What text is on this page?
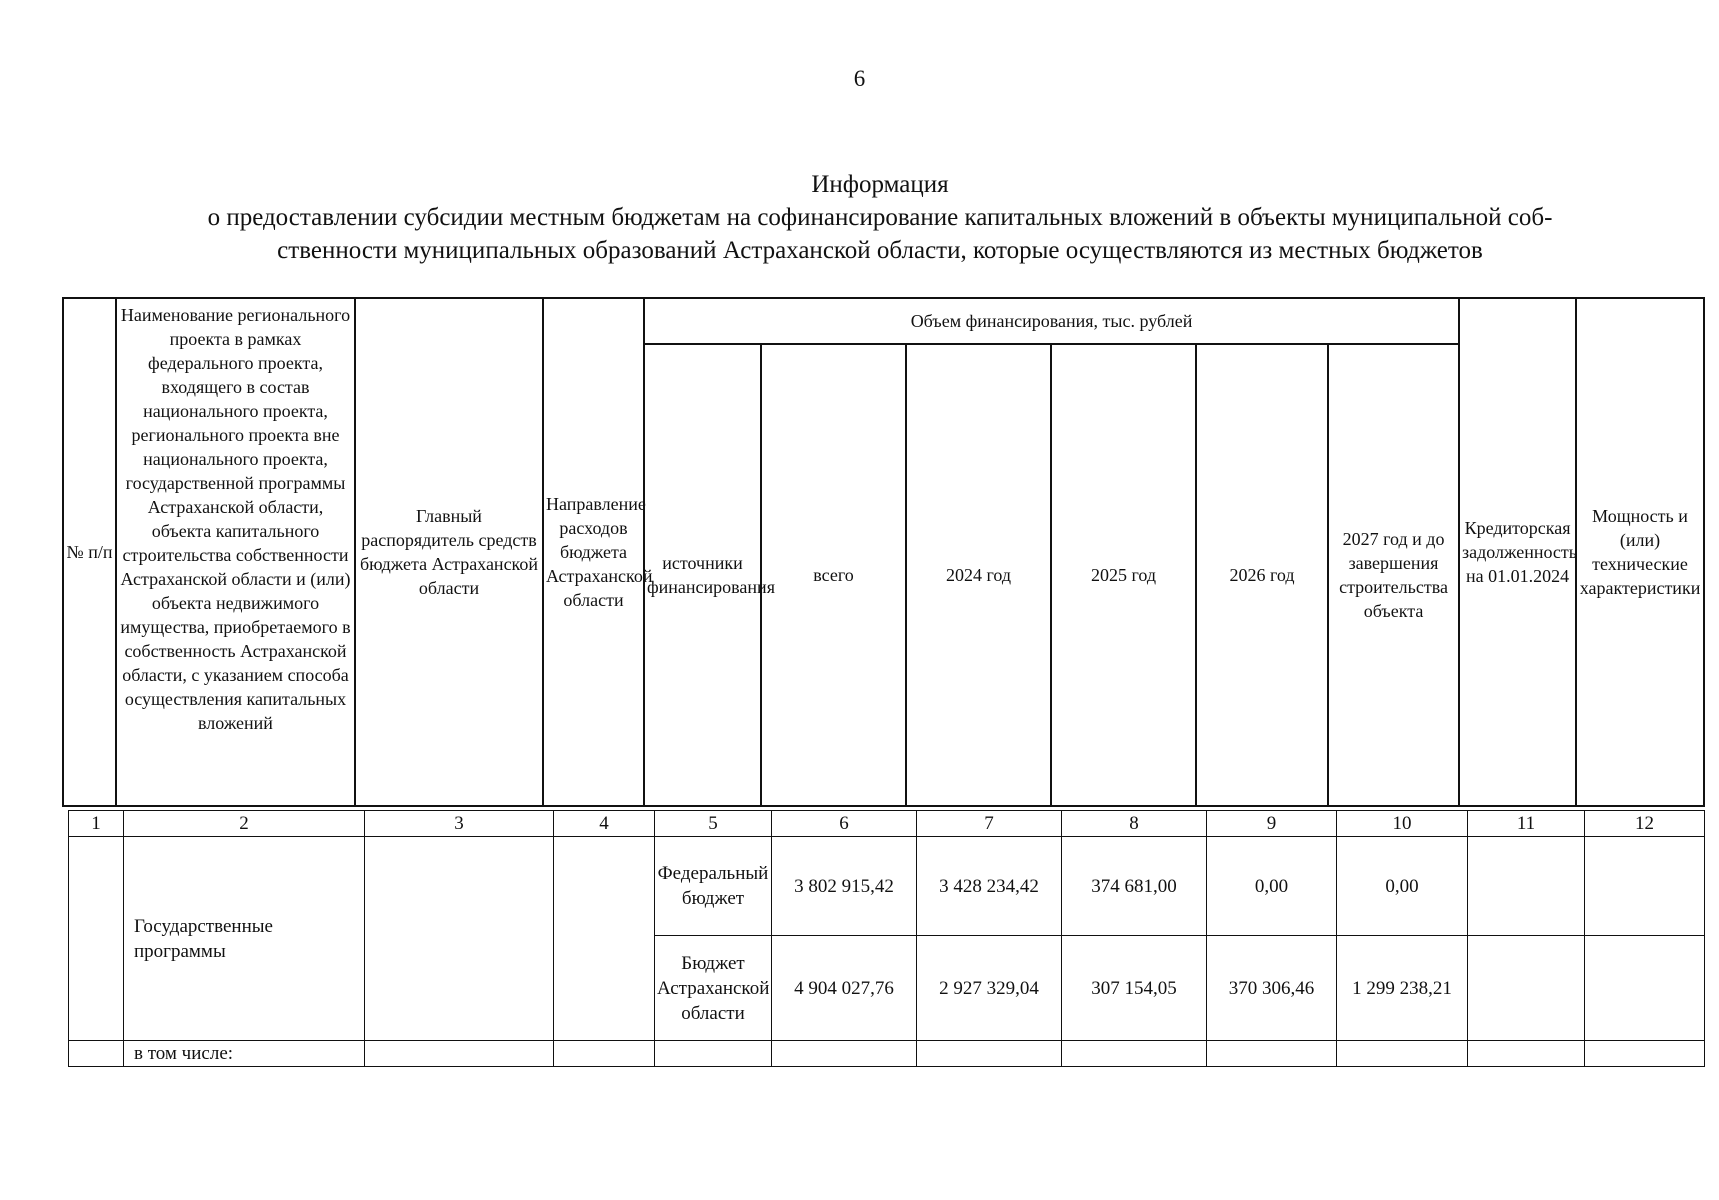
6
Информация
о предоставлении субсидии местным бюджетам на софинансирование капитальных вложений в объекты муниципальной соб-
ственности муниципальных образований Астраханской области, которые осуществляются из местных бюджетов
№ п/п	Наименование регионального проекта в рамках федерального проекта, входящего в состав национального проекта, регионального проекта вне национального проекта, государственной программы Астраханской области, объекта капитального строительства собственности Астраханской области и (или) объекта недвижимого имущества, приобретаемого в собственность Астраханской области, с указанием способа осуществления капитальных вложений	Главный распорядитель средств бюджета Астраханской области	Направление расходов бюджета Астраханской области	Объем финансирования, тыс. рублей						Кредиторская задолженность на 01.01.2024	Мощность и (или) технические характеристики
				источники финансирования	всего	2024 год	2025 год	2026 год	2027 год и до завершения строительства объекта		
1	2	3	4	5	6	7	8	9	10	11	12
	Государственные программы			Федеральный бюджет	3 802 915,42	3 428 234,42	374 681,00	0,00	0,00		
				Бюджет Астраханской области	4 904 027,76	2 927 329,04	307 154,05	370 306,46	1 299 238,21		
	в том числе:										
